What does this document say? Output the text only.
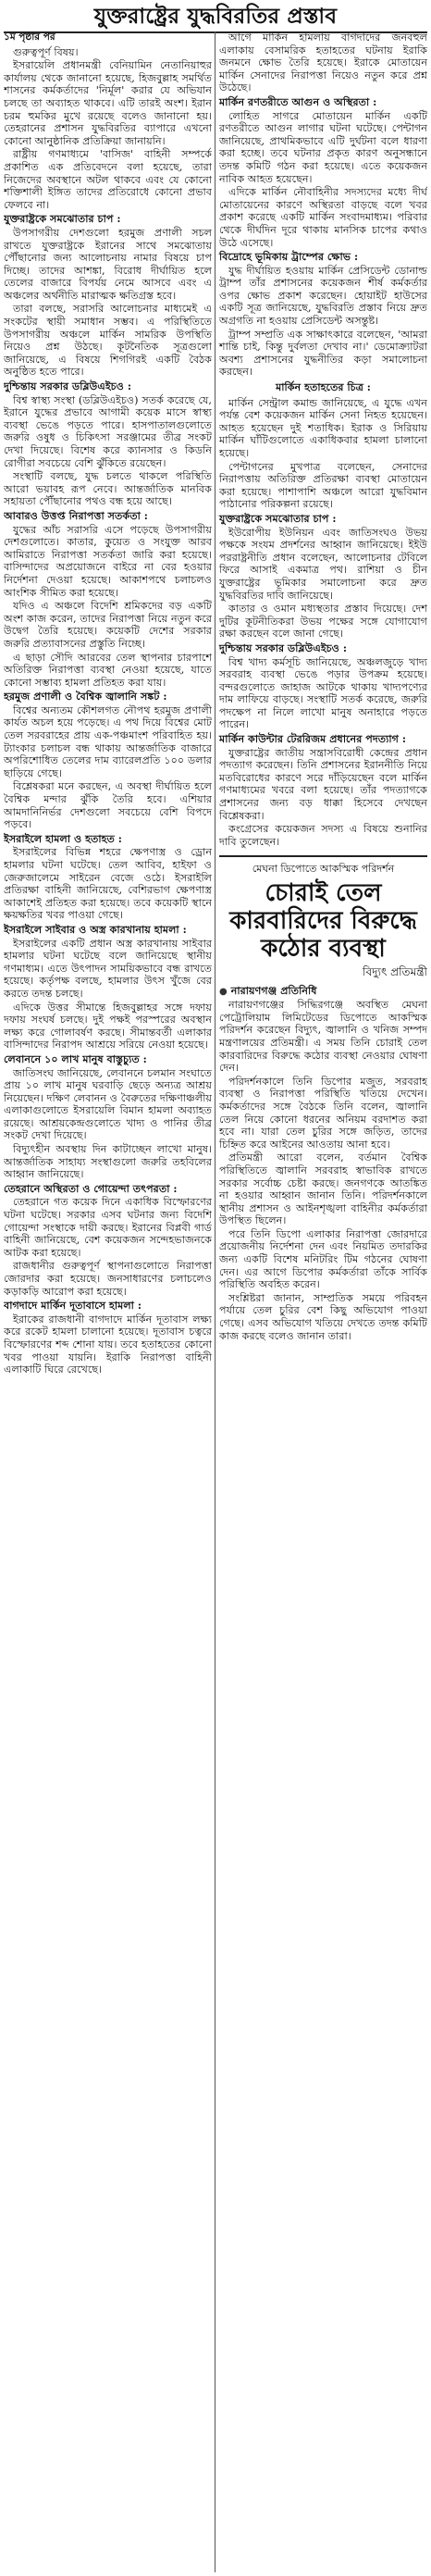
যুক্তরাষ্ট্রের যুদ্ধবিরতির প্রস্তাব

১ম পৃষ্ঠার পর

গুরুত্বপূর্ণ বিষয়।

ইসরায়েলি প্রধানমন্ত্রী বেনিয়ামিন নেতানিয়াহুর কার্যালয় থেকে জানানো হয়েছে, হিজবুল্লাহ সমর্থিত শাসনের কর্মকর্তাদের 'নির্মূল' করার যে অভিযান চলছে তা অব্যাহত থাকবে। এটি তারই অংশ। ইরান চরম হুমকির মুখে রয়েছে বলেও জানানো হয়। তেহরানের প্রশাসন যুদ্ধবিরতির ব্যাপারে এখনো কোনো আনুষ্ঠানিক প্রতিক্রিয়া জানায়নি।

রাষ্ট্রীয় গণমাধ্যমে 'বাসিজ' বাহিনী সম্পর্কে প্রকাশিত এক প্রতিবেদনে বলা হয়েছে, তারা নিজেদের অবস্থানে অটল থাকবে এবং যে কোনো শক্তিশালী ইঙ্গিত তাদের প্রতিরোধে কোনো প্রভাব ফেলবে না।

যুক্তরাষ্ট্রকে সমঝোতার চাপ :

উপসাগরীয় দেশগুলো হরমুজ প্রণালী সচল রাখতে যুক্তরাষ্ট্রকে ইরানের সাথে সমঝোতায় পৌঁছানোর জন্য আলোচনায় নামার বিষয়ে চাপ দিচ্ছে। তাদের আশঙ্কা, বিরোধ দীর্ঘায়িত হলে তেলের বাজারে বিপর্যয় নেমে আসবে এবং এ অঞ্চলের অর্থনীতি মারাত্মক ক্ষতিগ্রস্ত হবে।

তারা বলছে, সরাসরি আলোচনার মাধ্যমেই এ সংকটের স্থায়ী সমাধান সম্ভব। এ পরিস্থিতিতে উপসাগরীয় অঞ্চলে মার্কিন সামরিক উপস্থিতি নিয়েও প্রশ্ন উঠছে। কূটনৈতিক সূত্রগুলো জানিয়েছে, এ বিষয়ে শিগগিরই একটি বৈঠক অনুষ্ঠিত হতে পারে।

দুশ্চিন্তায় সরকার ডব্লিউএইচও :

বিশ্ব স্বাস্থ্য সংস্থা (ডব্লিউএইচও) সতর্ক করেছে যে, ইরানে যুদ্ধের প্রভাবে আগামী কয়েক মাসে স্বাস্থ্য ব্যবস্থা ভেঙে পড়তে পারে। হাসপাতালগুলোতে জরুরি ওষুধ ও চিকিৎসা সরঞ্জামের তীব্র সংকট দেখা দিয়েছে। বিশেষ করে ক্যানসার ও কিডনি রোগীরা সবচেয়ে বেশি ঝুঁকিতে রয়েছেন।

সংস্থাটি বলছে, যুদ্ধ চলতে থাকলে পরিস্থিতি আরো ভয়াবহ রূপ নেবে। আন্তর্জাতিক মানবিক সহায়তা পৌঁছানোর পথও বন্ধ হয়ে আছে।

আবারও উত্তপ্ত নিরাপত্তা সতর্কতা :

যুদ্ধের আঁচ সরাসরি এসে পড়েছে উপসাগরীয় দেশগুলোতে। কাতার, কুয়েত ও সংযুক্ত আরব আমিরাতে নিরাপত্তা সতর্কতা জারি করা হয়েছে। বাসিন্দাদের অপ্রয়োজনে বাইরে না বের হওয়ার নির্দেশনা দেওয়া হয়েছে। আকাশপথে চলাচলও আংশিক সীমিত করা হয়েছে।

যদিও এ অঞ্চলে বিদেশি শ্রমিকদের বড় একটি অংশ কাজ করেন, তাদের নিরাপত্তা নিয়ে নতুন করে উদ্বেগ তৈরি হয়েছে। কয়েকটি দেশের সরকার জরুরি প্রত্যাবাসনের প্রস্তুতি নিচ্ছে।

এ ছাড়া সৌদি আরবের তেল স্থাপনার চারপাশে অতিরিক্ত নিরাপত্তা ব্যবস্থা নেওয়া হয়েছে, যাতে কোনো সম্ভাব্য হামলা প্রতিহত করা যায়।

হরমুজ প্রণালী ও বৈশ্বিক জ্বালানি সঙ্কট :

বিশ্বের অন্যতম কৌশলগত নৌপথ হরমুজ প্রণালী কার্যত অচল হয়ে পড়েছে। এ পথ দিয়ে বিশ্বের মোট তেল সরবরাহের প্রায় এক-পঞ্চমাংশ পরিবাহিত হয়। ট্যাংকার চলাচল বন্ধ থাকায় আন্তর্জাতিক বাজারে অপরিশোধিত তেলের দাম ব্যারেলপ্রতি ১০০ ডলার ছাড়িয়ে গেছে।

বিশ্লেষকরা মনে করছেন, এ অবস্থা দীর্ঘায়িত হলে বৈশ্বিক মন্দার ঝুঁকি তৈরি হবে। এশিয়ার আমদানিনির্ভর দেশগুলো সবচেয়ে বেশি বিপদে পড়বে।

ইসরাইলে হামলা ও হতাহত :

ইসরাইলের বিভিন্ন শহরে ক্ষেপণাস্ত্র ও ড্রোন হামলার ঘটনা ঘটেছে। তেল আবিব, হাইফা ও জেরুজালেমে সাইরেন বেজে ওঠে। ইসরাইলি প্রতিরক্ষা বাহিনী জানিয়েছে, বেশিরভাগ ক্ষেপণাস্ত্র আকাশেই প্রতিহত করা হয়েছে। তবে কয়েকটি স্থানে ক্ষয়ক্ষতির খবর পাওয়া গেছে।

ইসরাইলে সাইবার ও অস্ত্র কারখানায় হামলা :

ইসরাইলের একটি প্রধান অস্ত্র কারখানায় সাইবার হামলার ঘটনা ঘটেছে বলে জানিয়েছে স্থানীয় গণমাধ্যম। এতে উৎপাদন সাময়িকভাবে বন্ধ রাখতে হয়েছে। কর্তৃপক্ষ বলছে, হামলার উৎস খুঁজে বের করতে তদন্ত চলছে।

এদিকে উত্তর সীমান্তে হিজবুল্লাহর সঙ্গে দফায় দফায় সংঘর্ষ চলছে। দুই পক্ষই পরস্পরের অবস্থান লক্ষ্য করে গোলাবর্ষণ করছে। সীমান্তবর্তী এলাকার বাসিন্দাদের নিরাপদ আশ্রয়ে সরিয়ে নেওয়া হয়েছে।

লেবাননে ১০ লাখ মানুষ বাস্তুচ্যুত :

জাতিসংঘ জানিয়েছে, লেবাননে চলমান সংঘাতে প্রায় ১০ লাখ মানুষ ঘরবাড়ি ছেড়ে অন্যত্র আশ্রয় নিয়েছেন। দক্ষিণ লেবানন ও বৈরুতের দক্ষিণাঞ্চলীয় এলাকাগুলোতে ইসরায়েলি বিমান হামলা অব্যাহত রয়েছে। আশ্রয়কেন্দ্রগুলোতে খাদ্য ও পানির তীব্র সংকট দেখা দিয়েছে।

বিদ্যুৎহীন অবস্থায় দিন কাটাচ্ছেন লাখো মানুষ। আন্তর্জাতিক সাহায্য সংস্থাগুলো জরুরি তহবিলের আহ্বান জানিয়েছে।

তেহরানে অস্থিরতা ও গোয়েন্দা তৎপরতা :

তেহরানে গত কয়েক দিনে একাধিক বিস্ফোরণের ঘটনা ঘটেছে। সরকার এসব ঘটনার জন্য বিদেশি গোয়েন্দা সংস্থাকে দায়ী করছে। ইরানের বিপ্লবী গার্ড বাহিনী জানিয়েছে, বেশ কয়েকজন সন্দেহভাজনকে আটক করা হয়েছে।

রাজধানীর গুরুত্বপূর্ণ স্থাপনাগুলোতে নিরাপত্তা জোরদার করা হয়েছে। জনসাধারণের চলাচলেও কড়াকড়ি আরোপ করা হয়েছে।

বাগদাদে মার্কিন দূতাবাসে হামলা :

ইরাকের রাজধানী বাগদাদে মার্কিন দূতাবাস লক্ষ্য করে রকেট হামলা চালানো হয়েছে। দূতাবাস চত্বরে বিস্ফোরণের শব্দ শোনা যায়। তবে হতাহতের কোনো খবর পাওয়া যায়নি। ইরাকি নিরাপত্তা বাহিনী এলাকাটি ঘিরে রেখেছে।

আগে মার্কিন হামলায় বাগদাদের জনবহুল এলাকায় বেসামরিক হতাহতের ঘটনায় ইরাকি জনমনে ক্ষোভ তৈরি হয়েছে। ইরাকে মোতায়েন মার্কিন সেনাদের নিরাপত্তা নিয়েও নতুন করে প্রশ্ন উঠেছে।

মার্কিন রণতরীতে আগুন ও অস্থিরতা :

লোহিত সাগরে মোতায়েন মার্কিন একটি রণতরীতে আগুন লাগার ঘটনা ঘটেছে। পেন্টাগন জানিয়েছে, প্রাথমিকভাবে এটি দুর্ঘটনা বলে ধারণা করা হচ্ছে। তবে ঘটনার প্রকৃত কারণ অনুসন্ধানে তদন্ত কমিটি গঠন করা হয়েছে। এতে কয়েকজন নাবিক আহত হয়েছেন।

এদিকে মার্কিন নৌবাহিনীর সদস্যদের মধ্যে দীর্ঘ মোতায়েনের কারণে অস্থিরতা বাড়ছে বলে খবর প্রকাশ করেছে একটি মার্কিন সংবাদমাধ্যম। পরিবার থেকে দীর্ঘদিন দূরে থাকায় মানসিক চাপের কথাও উঠে এসেছে।

বিদ্রোহে ভূমিকায় ট্রাম্পের ক্ষোভ :

যুদ্ধ দীর্ঘায়িত হওয়ায় মার্কিন প্রেসিডেন্ট ডোনাল্ড ট্রাম্প তাঁর প্রশাসনের কয়েকজন শীর্ষ কর্মকর্তার ওপর ক্ষোভ প্রকাশ করেছেন। হোয়াইট হাউসের একটি সূত্র জানিয়েছে, যুদ্ধবিরতি প্রস্তাব নিয়ে দ্রুত অগ্রগতি না হওয়ায় প্রেসিডেন্ট অসন্তুষ্ট।

ট্রাম্প সম্প্রতি এক সাক্ষাৎকারে বলেছেন, 'আমরা শান্তি চাই, কিন্তু দুর্বলতা দেখাব না।' ডেমোক্র্যাটরা অবশ্য প্রশাসনের যুদ্ধনীতির কড়া সমালোচনা করছেন।

মার্কিন হতাহতের চিত্র :

মার্কিন সেন্ট্রাল কমান্ড জানিয়েছে, এ যুদ্ধে এখন পর্যন্ত বেশ কয়েকজন মার্কিন সেনা নিহত হয়েছেন। আহত হয়েছেন দুই শতাধিক। ইরাক ও সিরিয়ায় মার্কিন ঘাঁটিগুলোতে একাধিকবার হামলা চালানো হয়েছে।

পেন্টাগনের মুখপাত্র বলেছেন, সেনাদের নিরাপত্তায় অতিরিক্ত প্রতিরক্ষা ব্যবস্থা মোতায়েন করা হয়েছে। পাশাপাশি অঞ্চলে আরো যুদ্ধবিমান পাঠানোর পরিকল্পনা রয়েছে।

যুক্তরাষ্ট্রকে সমঝোতার চাপ :

ইউরোপীয় ইউনিয়ন এবং জাতিসংঘও উভয় পক্ষকে সংযম প্রদর্শনের আহ্বান জানিয়েছে। ইইউ পররাষ্ট্রনীতি প্রধান বলেছেন, আলোচনার টেবিলে ফিরে আসাই একমাত্র পথ। রাশিয়া ও চীন যুক্তরাষ্ট্রের ভূমিকার সমালোচনা করে দ্রুত যুদ্ধবিরতির দাবি জানিয়েছে।

কাতার ও ওমান মধ্যস্থতার প্রস্তাব দিয়েছে। দেশ দুটির কূটনীতিকরা উভয় পক্ষের সঙ্গে যোগাযোগ রক্ষা করছেন বলে জানা গেছে।

দুশ্চিন্তায় সরকার ডব্লিউএইচও :

বিশ্ব খাদ্য কর্মসূচি জানিয়েছে, অঞ্চলজুড়ে খাদ্য সরবরাহ ব্যবস্থা ভেঙে পড়ার উপক্রম হয়েছে। বন্দরগুলোতে জাহাজ আটকে থাকায় খাদ্যপণ্যের দাম লাফিয়ে বাড়ছে। সংস্থাটি সতর্ক করেছে, জরুরি পদক্ষেপ না নিলে লাখো মানুষ অনাহারে পড়তে পারেন।

মার্কিন কাউন্টার টেররিজম প্রধানের পদত্যাগ :

যুক্তরাষ্ট্রের জাতীয় সন্ত্রাসবিরোধী কেন্দ্রের প্রধান পদত্যাগ করেছেন। তিনি প্রশাসনের ইরাননীতি নিয়ে মতবিরোধের কারণে সরে দাঁড়িয়েছেন বলে মার্কিন গণমাধ্যমের খবরে বলা হয়েছে। তাঁর পদত্যাগকে প্রশাসনের জন্য বড় ধাক্কা হিসেবে দেখছেন বিশ্লেষকরা।

কংগ্রেসের কয়েকজন সদস্য এ বিষয়ে শুনানির দাবি তুলেছেন।

মেঘনা ডিপোতে আকস্মিক পরিদর্শন

চোরাই তেল কারবারিদের বিরুদ্ধে কঠোর ব্যবস্থা

বিদ্যুৎ প্রতিমন্ত্রী

● নারায়ণগঞ্জ প্রতিনিধি

নারায়ণগঞ্জের সিদ্ধিরগঞ্জে অবস্থিত মেঘনা পেট্রোলিয়াম লিমিটেডের ডিপোতে আকস্মিক পরিদর্শন করেছেন বিদ্যুৎ, জ্বালানি ও খনিজ সম্পদ মন্ত্রণালয়ের প্রতিমন্ত্রী। এ সময় তিনি চোরাই তেল কারবারিদের বিরুদ্ধে কঠোর ব্যবস্থা নেওয়ার ঘোষণা দেন।

পরিদর্শনকালে তিনি ডিপোর মজুত, সরবরাহ ব্যবস্থা ও নিরাপত্তা পরিস্থিতি খতিয়ে দেখেন। কর্মকর্তাদের সঙ্গে বৈঠকে তিনি বলেন, জ্বালানি তেল নিয়ে কোনো ধরনের অনিয়ম বরদাশত করা হবে না। যারা তেল চুরির সঙ্গে জড়িত, তাদের চিহ্নিত করে আইনের আওতায় আনা হবে।

প্রতিমন্ত্রী আরো বলেন, বর্তমান বৈশ্বিক পরিস্থিতিতে জ্বালানি সরবরাহ স্বাভাবিক রাখতে সরকার সর্বোচ্চ চেষ্টা করছে। জনগণকে আতঙ্কিত না হওয়ার আহ্বান জানান তিনি। পরিদর্শনকালে স্থানীয় প্রশাসন ও আইনশৃঙ্খলা বাহিনীর কর্মকর্তারা উপস্থিত ছিলেন।

পরে তিনি ডিপো এলাকার নিরাপত্তা জোরদারে প্রয়োজনীয় নির্দেশনা দেন এবং নিয়মিত তদারকির জন্য একটি বিশেষ মনিটরিং টিম গঠনের ঘোষণা দেন। এর আগে ডিপোর কর্মকর্তারা তাঁকে সার্বিক পরিস্থিতি অবহিত করেন।

সংশ্লিষ্টরা জানান, সাম্প্রতিক সময়ে পরিবহন পর্যায়ে তেল চুরির বেশ কিছু অভিযোগ পাওয়া গেছে। এসব অভিযোগ খতিয়ে দেখতে তদন্ত কমিটি কাজ করছে বলেও জানান তারা।
